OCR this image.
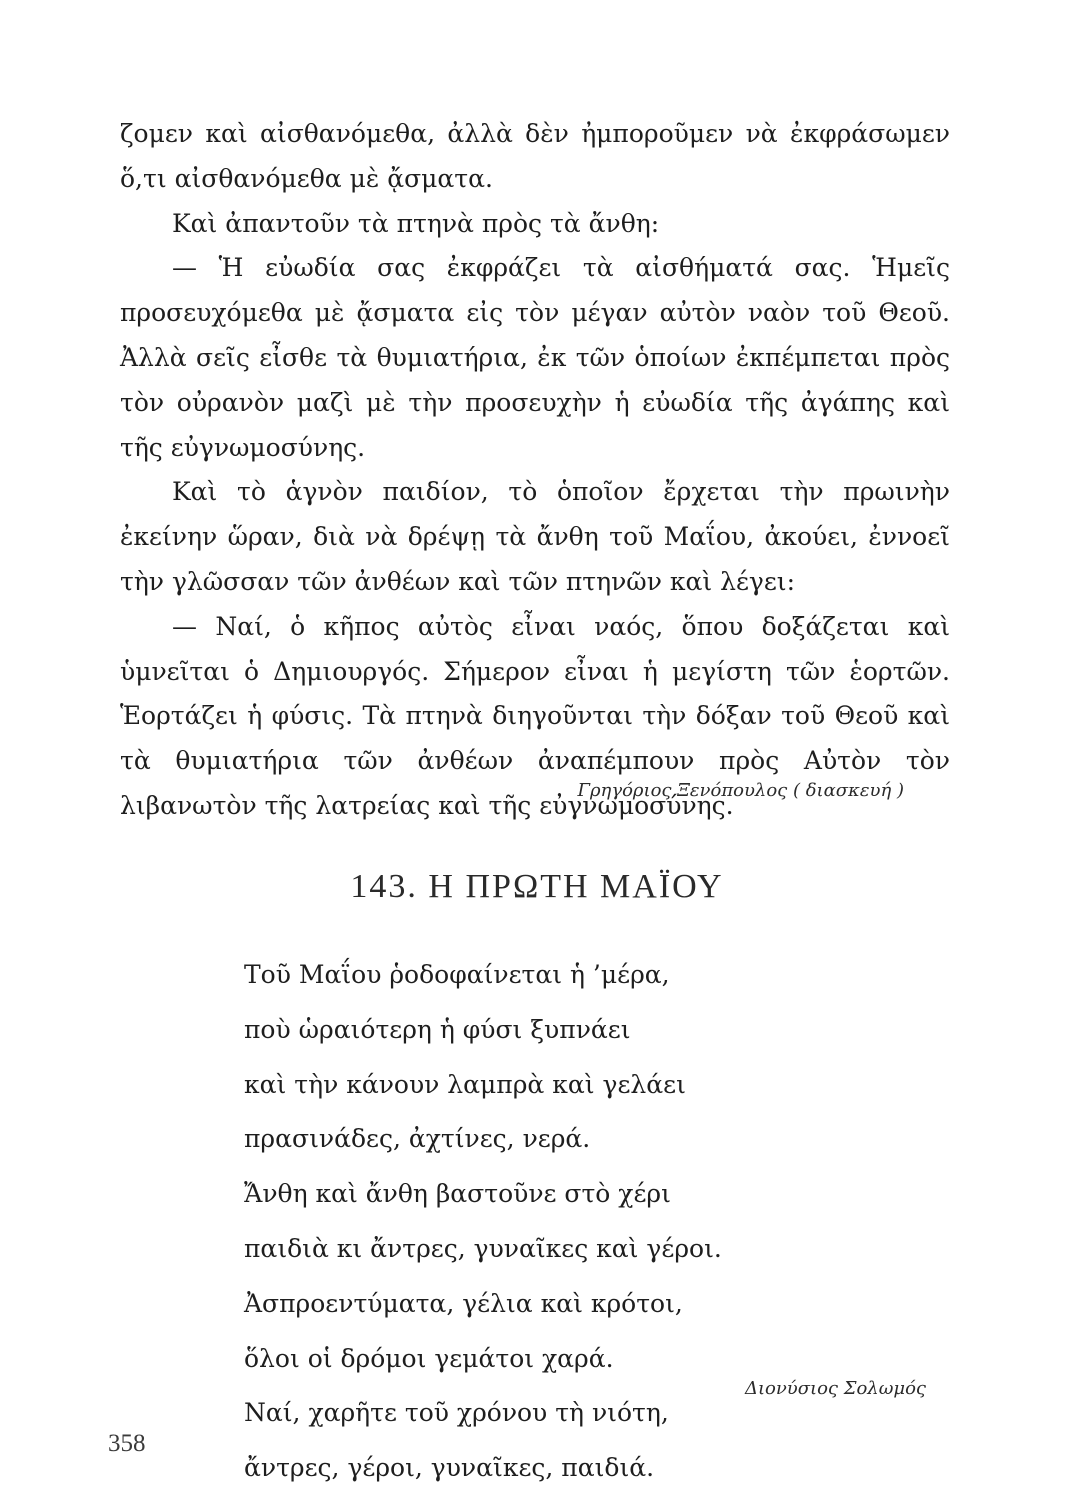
ζομεν καὶ αἰσθανόμεθα, ἀλλὰ δὲν ἠμποροῦμεν νὰ ἐκφράσωμεν ὅ,τι αἰσθανόμεθα μὲ ᾄσματα.

Καὶ ἀπαντοῦν τὰ πτηνὰ πρὸς τὰ ἄνθη:

— Ἡ εὐωδία σας ἐκφράζει τὰ αἰσθήματά σας. Ἡμεῖς προσευχόμεθα μὲ ᾄσματα εἰς τὸν μέγαν αὐτὸν ναὸν τοῦ Θεοῦ. Ἀλλὰ σεῖς εἶσθε τὰ θυμιατήρια, ἐκ τῶν ὁποίων ἐκπέμπεται πρὸς τὸν οὐρανὸν μαζὶ μὲ τὴν προσευχὴν ἡ εὐωδία τῆς ἀγάπης καὶ τῆς εὐγνωμοσύνης.

Καὶ τὸ ἁγνὸν παιδίον, τὸ ὁποῖον ἔρχεται τὴν πρωινὴν ἐκείνην ὥραν, διὰ νὰ δρέψῃ τὰ ἄνθη τοῦ Μαΐου, ἀκούει, ἐννοεῖ τὴν γλῶσσαν τῶν ἀνθέων καὶ τῶν πτηνῶν καὶ λέγει:

— Ναί, ὁ κῆπος αὐτὸς εἶναι ναός, ὅπου δοξάζεται καὶ ὑμνεῖται ὁ Δημιουργός. Σήμερον εἶναι ἡ μεγίστη τῶν ἑορτῶν. Ἑορτάζει ἡ φύσις. Τὰ πτηνὰ διηγοῦνται τὴν δόξαν τοῦ Θεοῦ καὶ τὰ θυμιατήρια τῶν ἀνθέων ἀναπέμπουν πρὸς Αὐτὸν τὸν λιβανωτὸν τῆς λατρείας καὶ τῆς εὐγνωμοσύνης.

Γρηγόριος Ξενόπουλος ( διασκευή )
143. Η ΠΡΩΤΗ ΜΑΪΟΥ
Τοῦ Μαΐου ῥοδοφαίνεται ἡ ’μέρα,
ποὺ ὡραιότερη ἡ φύσι ξυπνάει
καὶ τὴν κάνουν λαμπρὰ καὶ γελάει
πρασινάδες, ἀχτίνες, νερά.
Ἄνθη καὶ ἄνθη βαστοῦνε στὸ χέρι
παιδιὰ κι ἄντρες, γυναῖκες καὶ γέροι.
Ἀσπροεντύματα, γέλια καὶ κρότοι,
ὅλοι οἱ δρόμοι γεμάτοι χαρά.
Ναί, χαρῆτε τοῦ χρόνου τὴ νιότη,
ἄντρες, γέροι, γυναῖκες, παιδιά.
Διονύσιος Σολωμός
358
